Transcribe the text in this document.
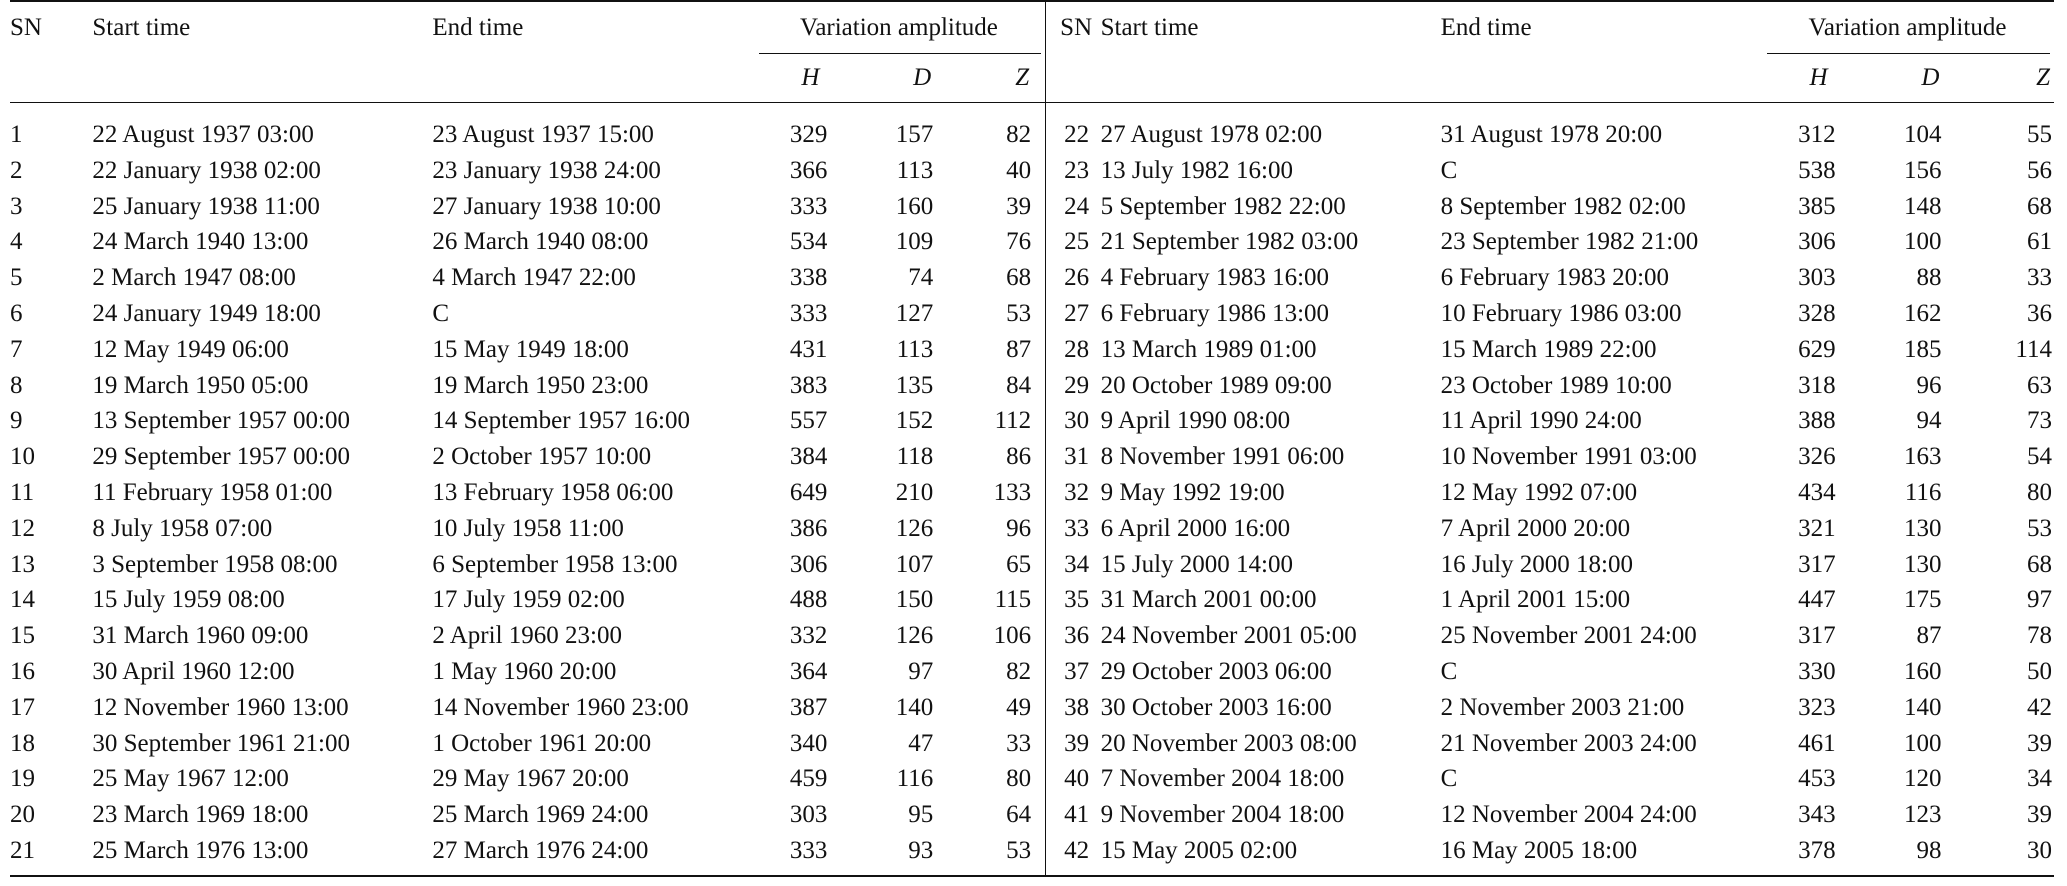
SN	Start time	End time	Variation amplitude			SN	Start time	End time	Variation amplitude		

			H	D	Z				H	D	Z
1	22 August 1937 03:00	23 August 1937 15:00	329	157	82	22	27 August 1978 02:00	31 August 1978 20:00	312	104	55
2	22 January 1938 02:00	23 January 1938 24:00	366	113	40	23	13 July 1982 16:00	C	538	156	56
3	25 January 1938 11:00	27 January 1938 10:00	333	160	39	24	5 September 1982 22:00	8 September 1982 02:00	385	148	68
4	24 March 1940 13:00	26 March 1940 08:00	534	109	76	25	21 September 1982 03:00	23 September 1982 21:00	306	100	61
5	2 March 1947 08:00	4 March 1947 22:00	338	74	68	26	4 February 1983 16:00	6 February 1983 20:00	303	88	33
6	24 January 1949 18:00	C	333	127	53	27	6 February 1986 13:00	10 February 1986 03:00	328	162	36
7	12 May 1949 06:00	15 May 1949 18:00	431	113	87	28	13 March 1989 01:00	15 March 1989 22:00	629	185	114
8	19 March 1950 05:00	19 March 1950 23:00	383	135	84	29	20 October 1989 09:00	23 October 1989 10:00	318	96	63
9	13 September 1957 00:00	14 September 1957 16:00	557	152	112	30	9 April 1990 08:00	11 April 1990 24:00	388	94	73
10	29 September 1957 00:00	2 October 1957 10:00	384	118	86	31	8 November 1991 06:00	10 November 1991 03:00	326	163	54
11	11 February 1958 01:00	13 February 1958 06:00	649	210	133	32	9 May 1992 19:00	12 May 1992 07:00	434	116	80
12	8 July 1958 07:00	10 July 1958 11:00	386	126	96	33	6 April 2000 16:00	7 April 2000 20:00	321	130	53
13	3 September 1958 08:00	6 September 1958 13:00	306	107	65	34	15 July 2000 14:00	16 July 2000 18:00	317	130	68
14	15 July 1959 08:00	17 July 1959 02:00	488	150	115	35	31 March 2001 00:00	1 April 2001 15:00	447	175	97
15	31 March 1960 09:00	2 April 1960 23:00	332	126	106	36	24 November 2001 05:00	25 November 2001 24:00	317	87	78
16	30 April 1960 12:00	1 May 1960 20:00	364	97	82	37	29 October 2003 06:00	C	330	160	50
17	12 November 1960 13:00	14 November 1960 23:00	387	140	49	38	30 October 2003 16:00	2 November 2003 21:00	323	140	42
18	30 September 1961 21:00	1 October 1961 20:00	340	47	33	39	20 November 2003 08:00	21 November 2003 24:00	461	100	39
19	25 May 1967 12:00	29 May 1967 20:00	459	116	80	40	7 November 2004 18:00	C	453	120	34
20	23 March 1969 18:00	25 March 1969 24:00	303	95	64	41	9 November 2004 18:00	12 November 2004 24:00	343	123	39
21	25 March 1976 13:00	27 March 1976 24:00	333	93	53	42	15 May 2005 02:00	16 May 2005 18:00	378	98	30
